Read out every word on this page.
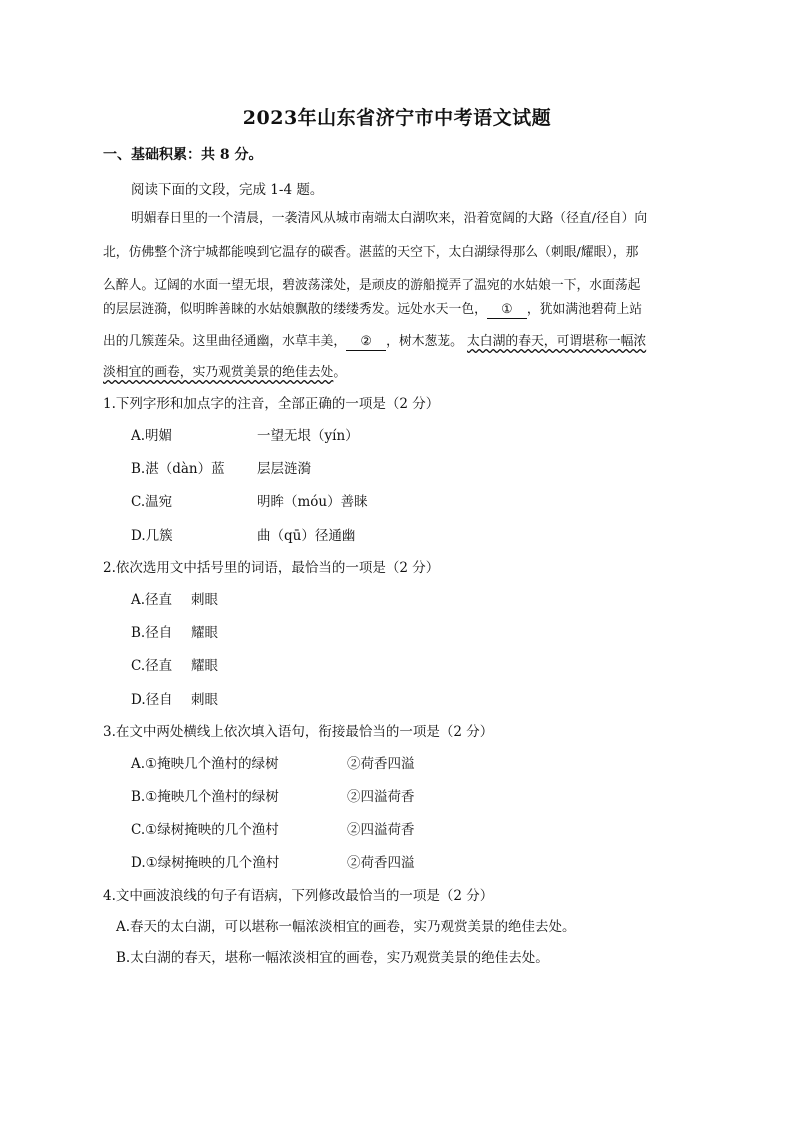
2023年山东省济宁市中考语文试题
一、基础积累：共 8 分。
阅读下面的文段，完成 1-4 题。
明媚春日里的一个清晨，一袭清风从城市南端太白湖吹来，沿着宽阔的大路（径直/径自）向
北，仿佛整个济宁城都能嗅到它温存的碳香。湛蓝的天空下，太白湖绿得那么（刺眼/耀眼），那
么醉人。辽阔的水面一望无垠，碧波荡漾处，是顽皮的游船搅弄了温宛的水姑娘一下，水面荡起
的层层涟漪，似明眸善睐的水姑娘飘散的缕缕秀发。远处水天一色， ① ，犹如满池碧荷上站
出的几簇莲朵。这里曲径通幽，水草丰美， ② ，树木葱茏。 太白湖的春天，可谓堪称一幅浓
淡相宜的画卷，实乃观赏美景的绝佳去处。
1.下列字形和加点字的注音，全部正确的一项是（2 分）
A.明媚	一望无垠（yín）
B.湛（dàn）蓝 层层涟漪
C.温宛	明眸（móu）善睐
D.几簇	曲（qū）径通幽
2.依次选用文中括号里的词语，最恰当的一项是（2 分）
A.径直 刺眼
B.径自 耀眼
C.径直 耀眼
D.径自 刺眼
3.在文中两处横线上依次填入语句，衔接最恰当的一项是（2 分）
A.①掩映几个渔村的绿树	②荷香四溢
B.①掩映几个渔村的绿树	②四溢荷香
C.①绿树掩映的几个渔村	②四溢荷香
D.①绿树掩映的几个渔村	②荷香四溢
4.文中画波浪线的句子有语病，下列修改最恰当的一项是（2 分）
A.春天的太白湖，可以堪称一幅浓淡相宜的画卷，实乃观赏美景的绝佳去处。
B.太白湖的春天，堪称一幅浓淡相宜的画卷，实乃观赏美景的绝佳去处。
